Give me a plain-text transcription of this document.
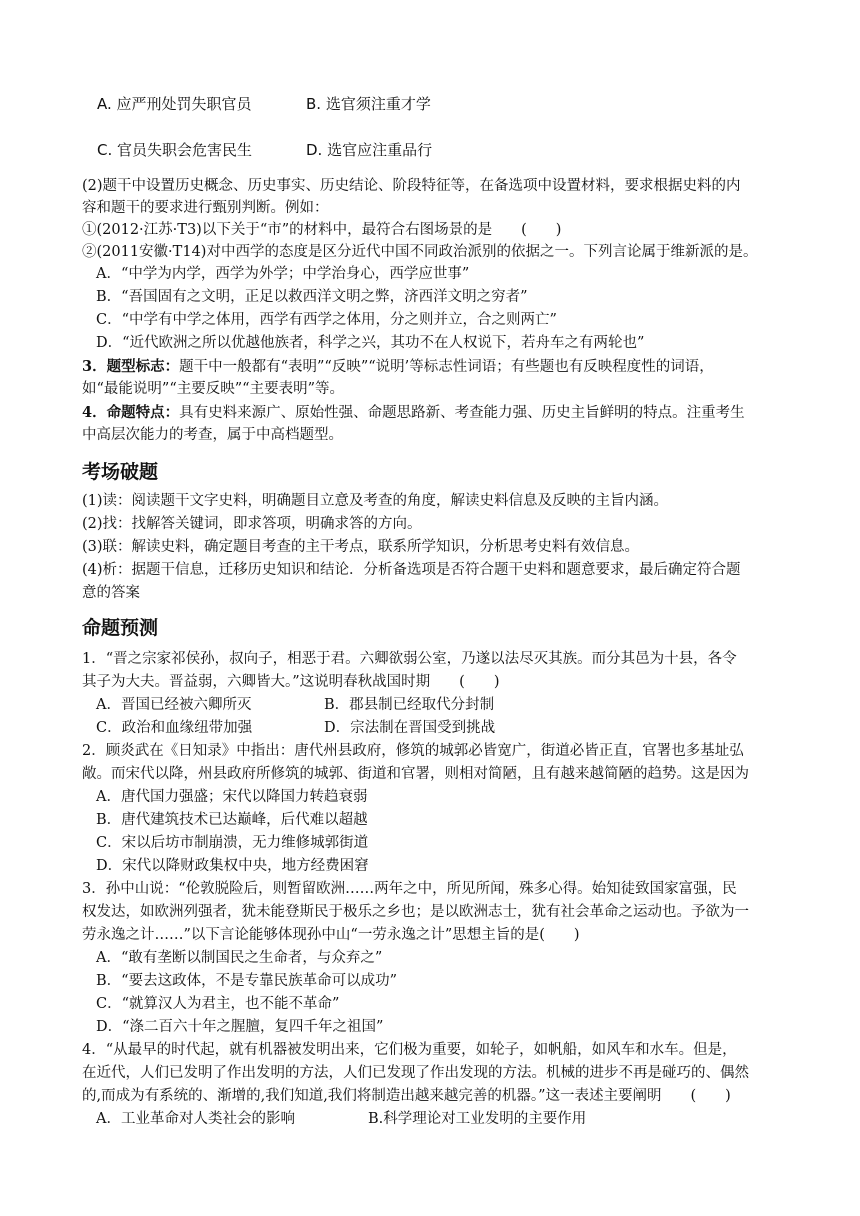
A. 应严刑处罚失职官员	B. 选官须注重才学
C. 官员失职会危害民生	D. 选官应注重品行
(2)题干中设置历史概念、历史事实、历史结论、阶段特征等，在备选项中设置材料，要求根据史料的内
容和题干的要求进行甄别判断。例如：
①(2012·江苏·T3)以下关于“市”的材料中，最符合右图场景的是　　(　　)
②(2011安徽·T14)对中西学的态度是区分近代中国不同政治派别的依据之一。下列言论属于维新派的是。
A．“中学为内学，西学为外学；中学治身心，西学应世事”
B．“吾国固有之文明，正足以救西洋文明之弊，济西洋文明之穷者”
C．“中学有中学之体用，西学有西学之体用，分之则并立，合之则两亡”
D．“近代欧洲之所以优越他族者，科学之兴，其功不在人权说下，若舟车之有两轮也”
3．题型标志：题干中一般都有“表明”“反映”“说明’等标志性词语；有些题也有反映程度性的词语，
如“最能说明”“主要反映”“主要表明”等。
4．命题特点：具有史料来源广、原始性强、命题思路新、考查能力强、历史主旨鲜明的特点。注重考生
中高层次能力的考查，属于中高档题型。
考场破题
(1)读：阅读题干文字史料，明确题目立意及考查的角度，解读史料信息及反映的主旨内涵。
(2)找：找解答关键词，即求答项，明确求答的方向。
(3)联：解读史料，确定题目考查的主干考点，联系所学知识，分析思考史料有效信息。
(4)析：据题干信息，迁移历史知识和结论．分析备选项是否符合题干史料和题意要求，最后确定符合题
意的答案
命题预测
1．“晋之宗家祁侯孙，叔向子，相恶于君。六卿欲弱公室，乃遂以法尽灭其族。而分其邑为十县，各令
其子为大夫。晋益弱，六卿皆大。”这说明春秋战国时期　　(　　)
A．晋国已经被六卿所灭	B．郡县制已经取代分封制
C．政治和血缘纽带加强	D．宗法制在晋国受到挑战
2．顾炎武在《日知录》中指出：唐代州县政府，修筑的城郭必皆宽广，街道必皆正直，官署也多基址弘
敞。而宋代以降，州县政府所修筑的城郭、街道和官署，则相对简陋，且有越来越简陋的趋势。这是因为
A．唐代国力强盛；宋代以降国力转趋衰弱
B．唐代建筑技术已达巅峰，后代难以超越
C．宋以后坊市制崩溃，无力维修城郭街道
D．宋代以降财政集权中央，地方经费困窘
3．孙中山说：“伦敦脱险后，则暂留欧洲……两年之中，所见所闻，殊多心得。始知徒致国家富强，民
权发达，如欧洲列强者，犹未能登斯民于极乐之乡也；是以欧洲志士，犹有社会革命之运动也。予欲为一
劳永逸之计……”以下言论能够体现孙中山“一劳永逸之计”思想主旨的是(　　)
A．“敢有垄断以制国民之生命者，与众弃之”
B．“要去这政体，不是专靠民族革命可以成功”
C．“就算汉人为君主，也不能不革命”
D．“涤二百六十年之腥膻，复四千年之祖国”
4．“从最早的时代起，就有机器被发明出来，它们极为重要，如轮子，如帆船，如风车和水车。但是，
在近代，人们已发明了作出发明的方法，人们已发现了作出发现的方法。机械的进步不再是碰巧的、偶然
的,而成为有系统的、渐增的,我们知道,我们将制造出越来越完善的机器。”这一表述主要阐明　　(　　)
A．工业革命对人类社会的影响	B.科学理论对工业发明的主要作用
